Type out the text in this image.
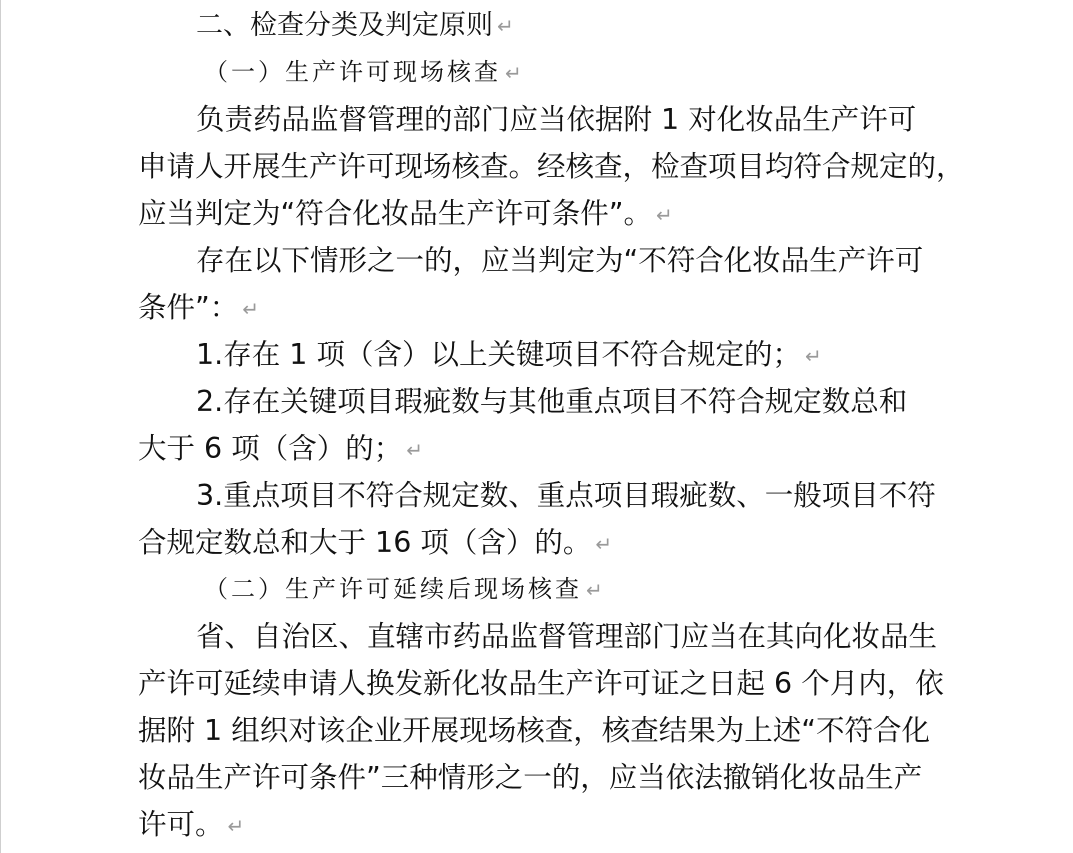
二、检查分类及判定原则 ↵
（一）生产许可现场核查 ↵
负责药品监督管理的部门应当依据附 1 对化妆品生产许可
申请人开展生产许可现场核查。经核查，检查项目均符合规定的，
应当判定为“符合化妆品生产许可条件”。 ↵
存在以下情形之一的，应当判定为“不符合化妆品生产许可
条件”： ↵
1.存在 1 项（含）以上关键项目不符合规定的； ↵
2.存在关键项目瑕疵数与其他重点项目不符合规定数总和
大于 6 项（含）的； ↵
3.重点项目不符合规定数、重点项目瑕疵数、一般项目不符
合规定数总和大于 16 项（含）的。 ↵
（二）生产许可延续后现场核查 ↵
省、自治区、直辖市药品监督管理部门应当在其向化妆品生
产许可延续申请人换发新化妆品生产许可证之日起 6 个月内，依
据附 1 组织对该企业开展现场核查，核查结果为上述“不符合化
妆品生产许可条件”三种情形之一的，应当依法撤销化妆品生产
许可。 ↵
